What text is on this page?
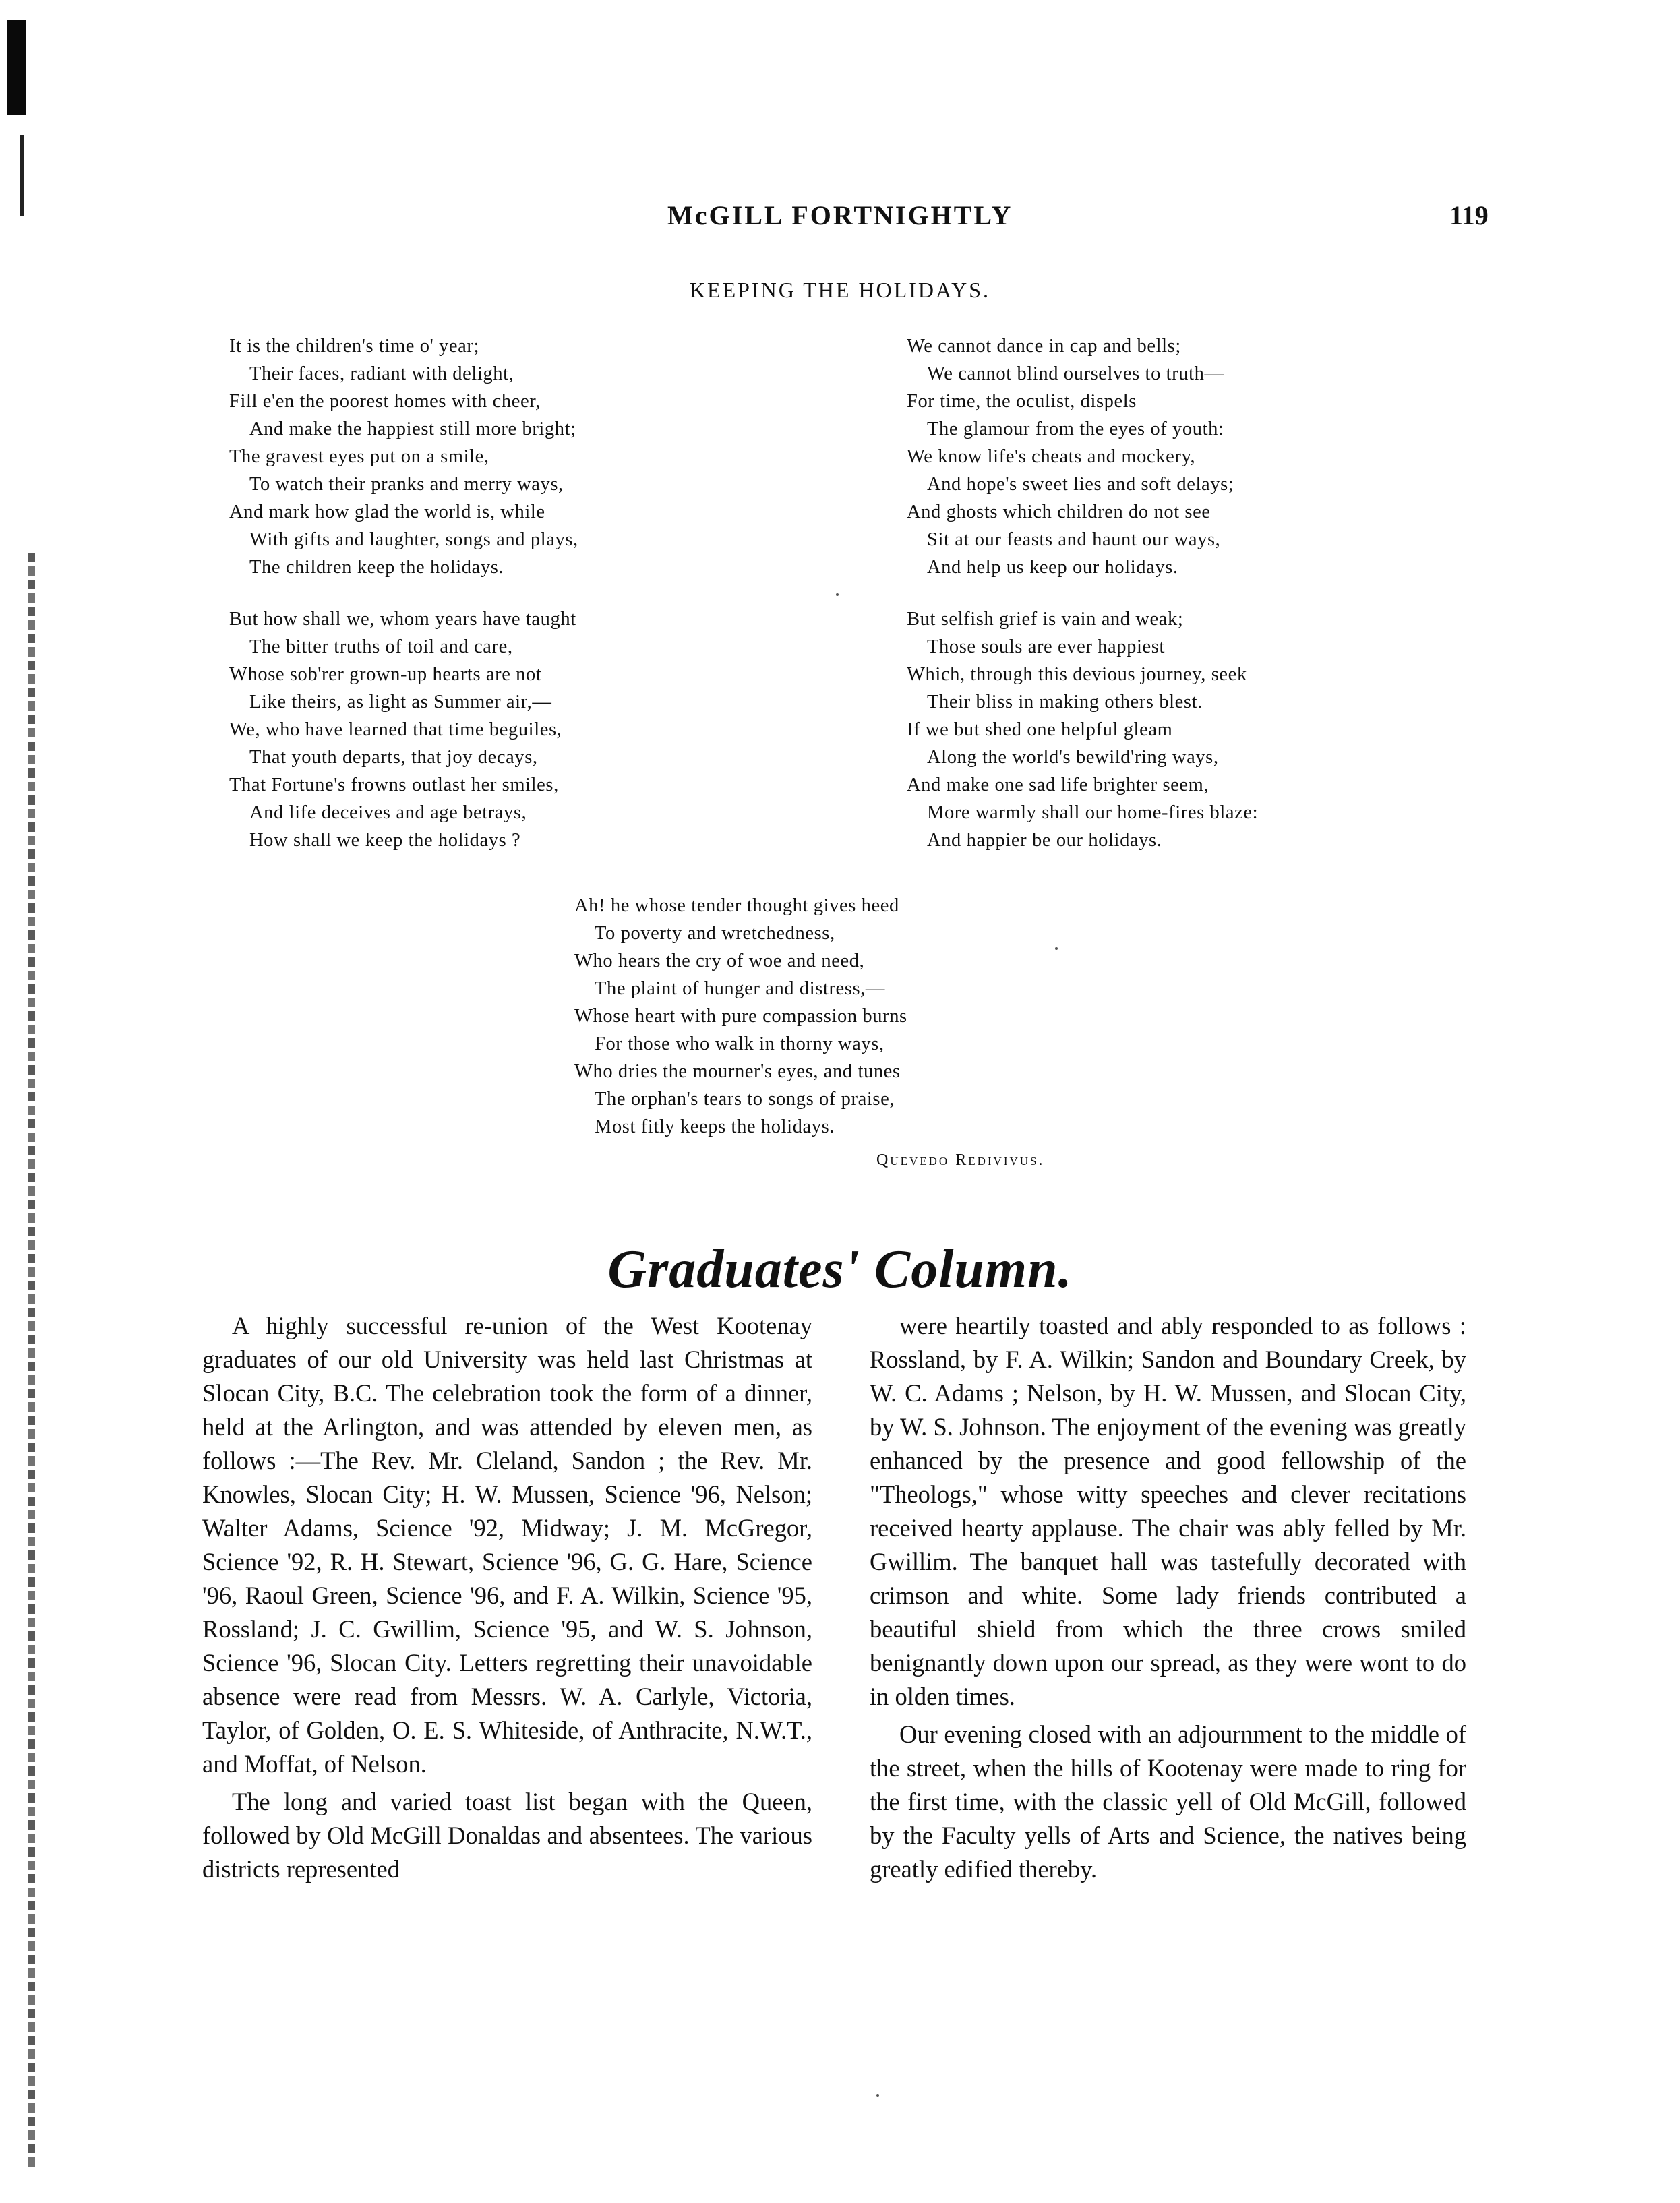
McGILL FORTNIGHTLY	119
KEEPING THE HOLIDAYS.
It is the children's time o' year;
Their faces, radiant with delight,
Fill e'en the poorest homes with cheer,
And make the happiest still more bright;
The gravest eyes put on a smile,
To watch their pranks and merry ways,
And mark how glad the world is, while
With gifts and laughter, songs and plays,
The children keep the holidays.
But how shall we, whom years have taught
The bitter truths of toil and care,
Whose sob'rer grown-up hearts are not
Like theirs, as light as Summer air,—
We, who have learned that time beguiles,
That youth departs, that joy decays,
That Fortune's frowns outlast her smiles,
And life deceives and age betrays,
How shall we keep the holidays ?
We cannot dance in cap and bells;
We cannot blind ourselves to truth—
For time, the oculist, dispels
The glamour from the eyes of youth:
We know life's cheats and mockery,
And hope's sweet lies and soft delays;
And ghosts which children do not see
Sit at our feasts and haunt our ways,
And help us keep our holidays.
But selfish grief is vain and weak;
Those souls are ever happiest
Which, through this devious journey, seek
Their bliss in making others blest.
If we but shed one helpful gleam
Along the world's bewild'ring ways,
And make one sad life brighter seem,
More warmly shall our home-fires blaze:
And happier be our holidays.
Ah! he whose tender thought gives heed
To poverty and wretchedness,
Who hears the cry of woe and need,
The plaint of hunger and distress,—
Whose heart with pure compassion burns
For those who walk in thorny ways,
Who dries the mourner's eyes, and tunes
The orphan's tears to songs of praise,
Most fitly keeps the holidays.
Quevedo Redivivus.
Graduates' Column.

A highly successful re-union of the West Kootenay graduates of our old University was held last Christmas at Slocan City, B.C. The celebration took the form of a dinner, held at the Arlington, and was attended by eleven men, as follows :—The Rev. Mr. Cleland, Sandon ; the Rev. Mr. Knowles, Slocan City; H. W. Mussen, Science '96, Nelson; Walter Adams, Science '92, Midway; J. M. McGregor, Science '92, R. H. Stewart, Science '96, G. G. Hare, Science '96, Raoul Green, Science '96, and F. A. Wilkin, Science '95, Rossland; J. C. Gwillim, Science '95, and W. S. Johnson, Science '96, Slocan City. Letters regretting their unavoidable absence were read from Messrs. W. A. Carlyle, Victoria, Taylor, of Golden, O. E. S. Whiteside, of Anthracite, N.W.T., and Moffat, of Nelson.

The long and varied toast list began with the Queen, followed by Old McGill Donaldas and absentees. The various districts represented

were heartily toasted and ably responded to as follows : Rossland, by F. A. Wilkin; Sandon and Boundary Creek, by W. C. Adams ; Nelson, by H. W. Mussen, and Slocan City, by W. S. Johnson. The enjoyment of the evening was greatly enhanced by the presence and good fellowship of the "Theologs," whose witty speeches and clever recitations received hearty applause. The chair was ably felled by Mr. Gwillim. The banquet hall was tastefully decorated with crimson and white. Some lady friends contributed a beautiful shield from which the three crows smiled benignantly down upon our spread, as they were wont to do in olden times.

Our evening closed with an adjournment to the middle of the street, when the hills of Kootenay were made to ring for the first time, with the classic yell of Old McGill, followed by the Faculty yells of Arts and Science, the natives being greatly edified thereby.
